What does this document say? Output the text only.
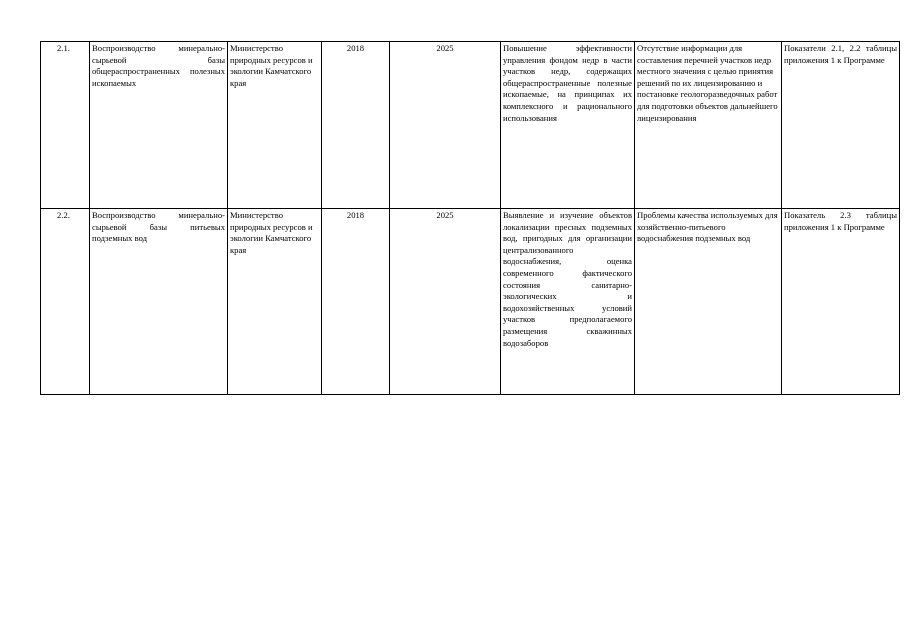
2.1.	Воспроизводство минерально-сырьевой базы общераспространенных полезных ископаемых	Министерство природных ресурсов и экологии Камчатского края	2018	2025	Повышение эффективности управления фондом недр в части участков недр, содержащих общераспространенные полезные ископаемые, на принципах их комплексного и рационального использования	Отсутствие информации для составления перечней участков недр местного значения с целью принятия решений по их лицензированию и постановке геологоразведочных работ для подготовки объектов дальнейшего лицензирования	Показатели 2.1, 2.2 таблицы приложения 1 к Программе
2.2.	Воспроизводство минерально-сырьевой базы питьевых подземных вод	Министерство природных ресурсов и экологии Камчатского края	2018	2025	Выявление и изучение объектов локализации пресных подземных вод, пригодных для организации централизованного водоснабжения, оценка современного фактического состояния санитарно-экологических и водохозяйственных условий участков предполагаемого размещения скважинных водозаборов	Проблемы качества используемых для хозяйственно-питьевого водоснабжения подземных вод	Показатель 2.3 таблицы приложения 1 к Программе
